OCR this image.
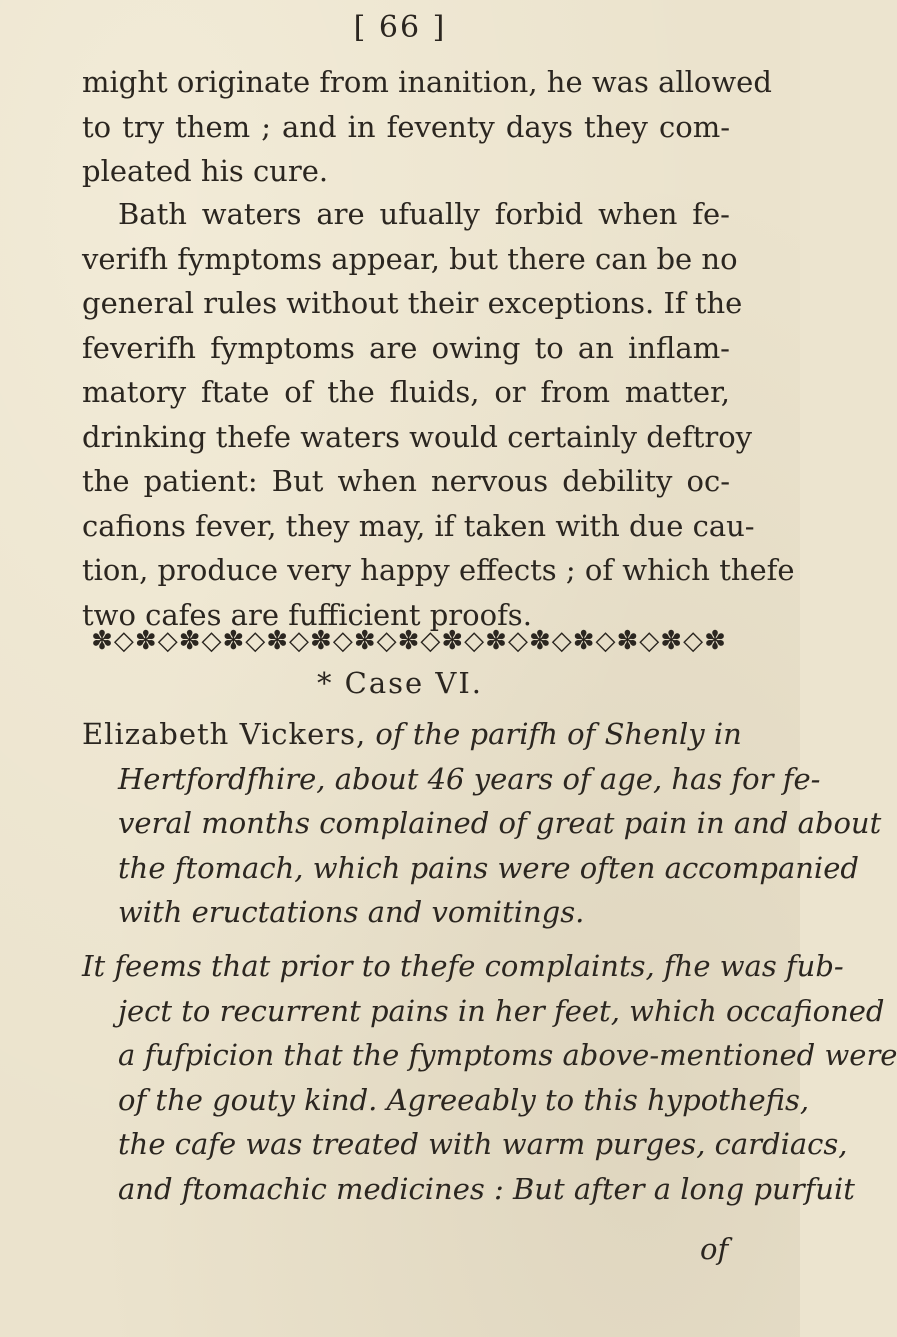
[ 66 ]
might originate from inanition, he was allowed
to try them ; and in feventy days they com-
pleated his cure.
Bath waters are ufually forbid when fe-
verifh fymptoms appear, but there can be no
general rules without their exceptions. If the
feverifh fymptoms are owing to an inflam-
matory ftate of the fluids, or from matter,
drinking thefe waters would certainly deftroy
the patient: But when nervous debility oc-
cafions fever, they may, if taken with due cau-
tion, produce very happy effects ; of which thefe
two cafes are fufficient proofs.
✽◇✽◇✽◇✽◇✽◇✽◇✽◇✽◇✽◇✽◇✽◇✽◇✽◇✽◇✽
* Case VI.
Elizabeth Vickers, of the parifh of Shenly in
Hertfordfhire, about 46 years of age, has for fe-
veral months complained of great pain in and about
the ftomach, which pains were often accompanied
with eructations and vomitings.
It feems that prior to thefe complaints, fhe was fub-
ject to recurrent pains in her feet, which occafioned
a fufpicion that the fymptoms above-mentioned were
of the gouty kind. Agreeably to this hypothefis,
the cafe was treated with warm purges, cardiacs,
and ftomachic medicines : But after a long purfuit
of
